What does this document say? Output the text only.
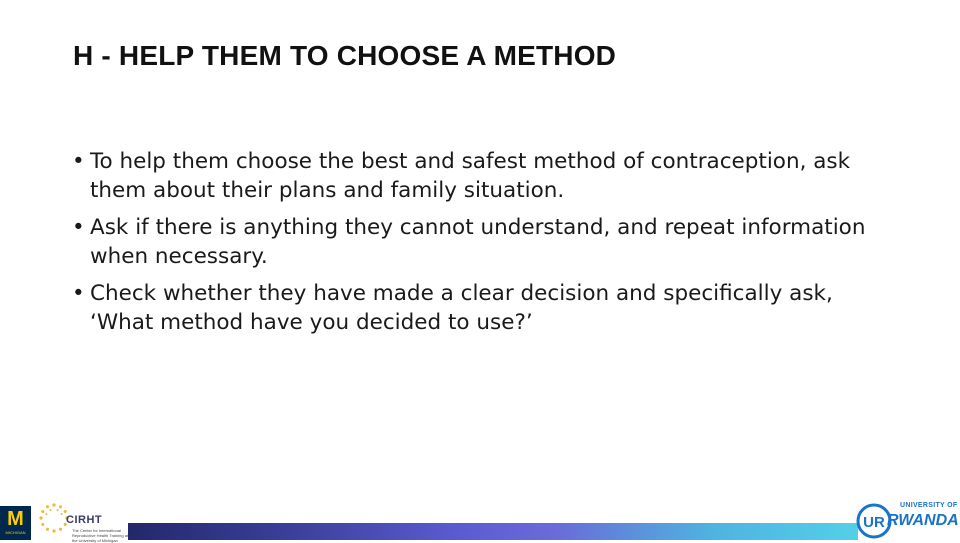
H - HELP THEM TO CHOOSE A METHOD
• To help them choose the best and safest method of contraception, ask them about their plans and family situation.
• Ask if there is anything they cannot understand, and repeat information when necessary.
• Check whether they have made a clear decision and specifically ask, ‘What method have you decided to use?’
M
MICHIGAN
CIRHT
The Center for International Reproductive Health Training at the University of Michigan
UR
UNIVERSITY OF
RWANDA
